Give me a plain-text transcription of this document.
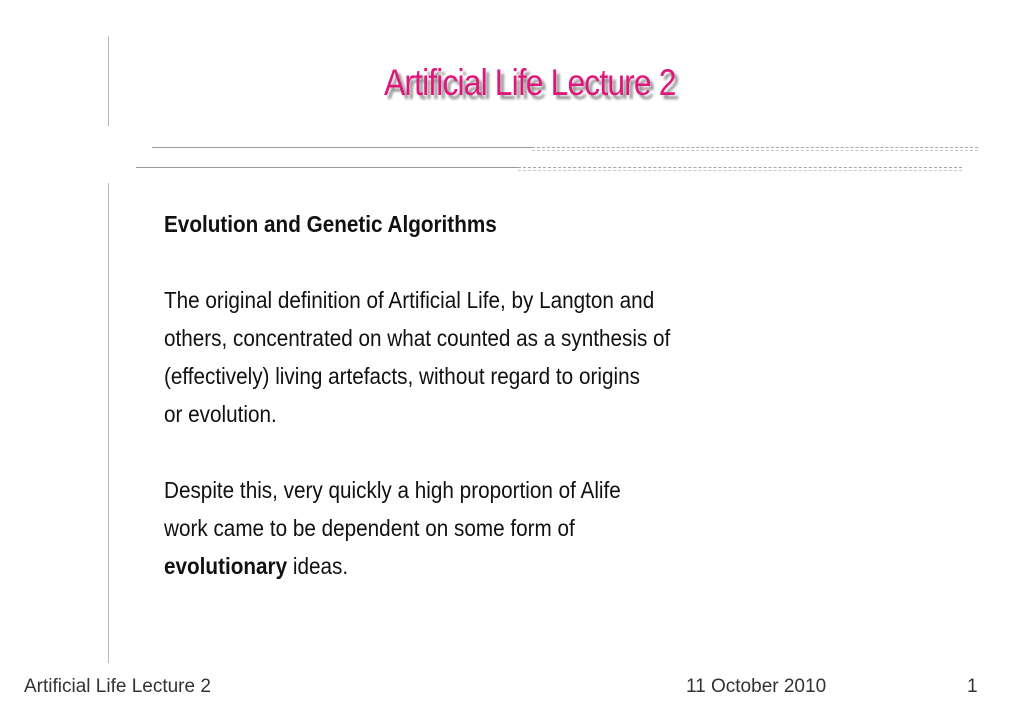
Artificial Life Lecture 2
Evolution and Genetic Algorithms

The original definition of Artificial Life, by Langton and
others, concentrated on what counted as a synthesis of
(effectively) living artefacts, without regard to origins
or evolution.

Despite this, very quickly a high proportion of Alife
work came to be dependent on some form of
evolutionary ideas.

Artificial Life Lecture 2	11 October 2010	1
